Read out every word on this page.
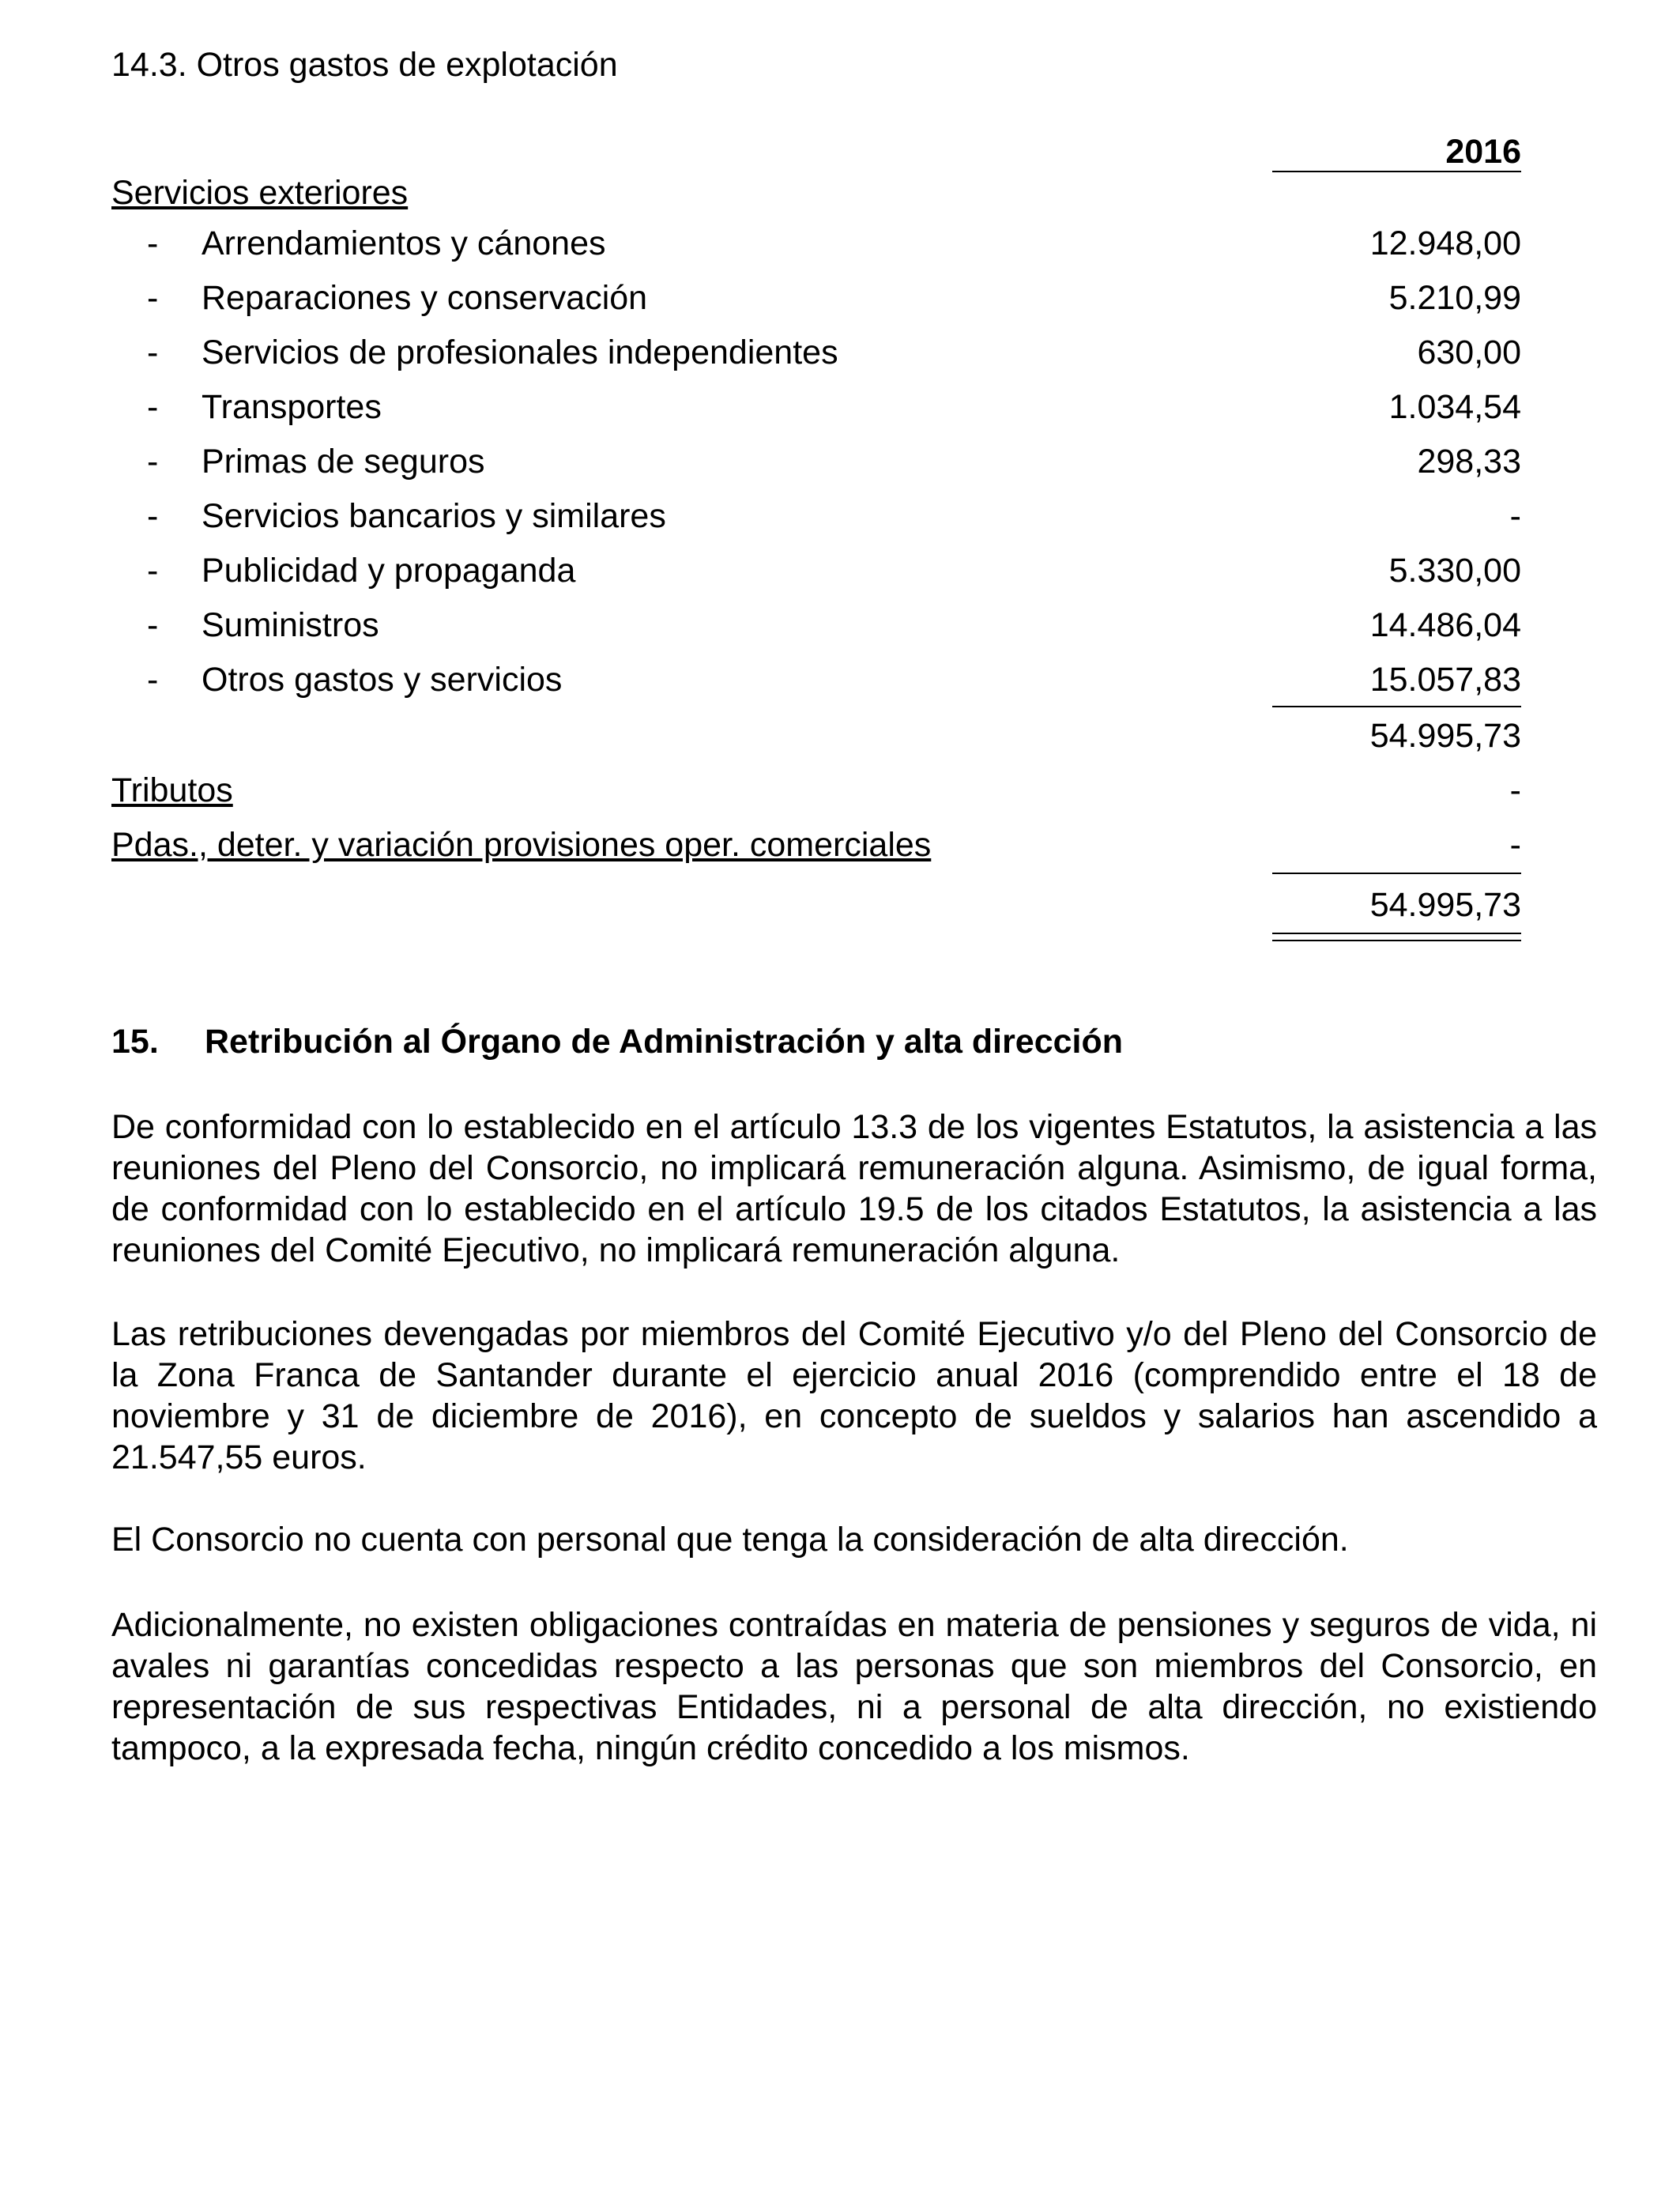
14.3. Otros gastos de explotación
2016
Servicios exteriores
- Arrendamientos y cánones	12.948,00
- Reparaciones y conservación	5.210,99
- Servicios de profesionales independientes	630,00
- Transportes	1.034,54
- Primas de seguros	298,33
- Servicios bancarios y similares	-
- Publicidad y propaganda	5.330,00
- Suministros	14.486,04
- Otros gastos y servicios	15.057,83
54.995,73
Tributos	-
Pdas., deter. y variación provisiones oper. comerciales	-
54.995,73
15. Retribución al Órgano de Administración y alta dirección

De conformidad con lo establecido en el artículo 13.3 de los vigentes Estatutos, la asistencia a las reuniones del Pleno del Consorcio, no implicará remuneración alguna. Asimismo, de igual forma, de conformidad con lo establecido en el artículo 19.5 de los citados Estatutos, la asistencia a las reuniones del Comité Ejecutivo, no implicará remuneración alguna.

Las retribuciones devengadas por miembros del Comité Ejecutivo y/o del Pleno del Consorcio de la Zona Franca de Santander durante el ejercicio anual 2016 (comprendido entre el 18 de noviembre y 31 de diciembre de 2016), en concepto de sueldos y salarios han ascendido a 21.547,55 euros.

El Consorcio no cuenta con personal que tenga la consideración de alta dirección.

Adicionalmente, no existen obligaciones contraídas en materia de pensiones y seguros de vida, ni avales ni garantías concedidas respecto a las personas que son miembros del Consorcio, en representación de sus respectivas Entidades, ni a personal de alta dirección, no existiendo tampoco, a la expresada fecha, ningún crédito concedido a los mismos.
